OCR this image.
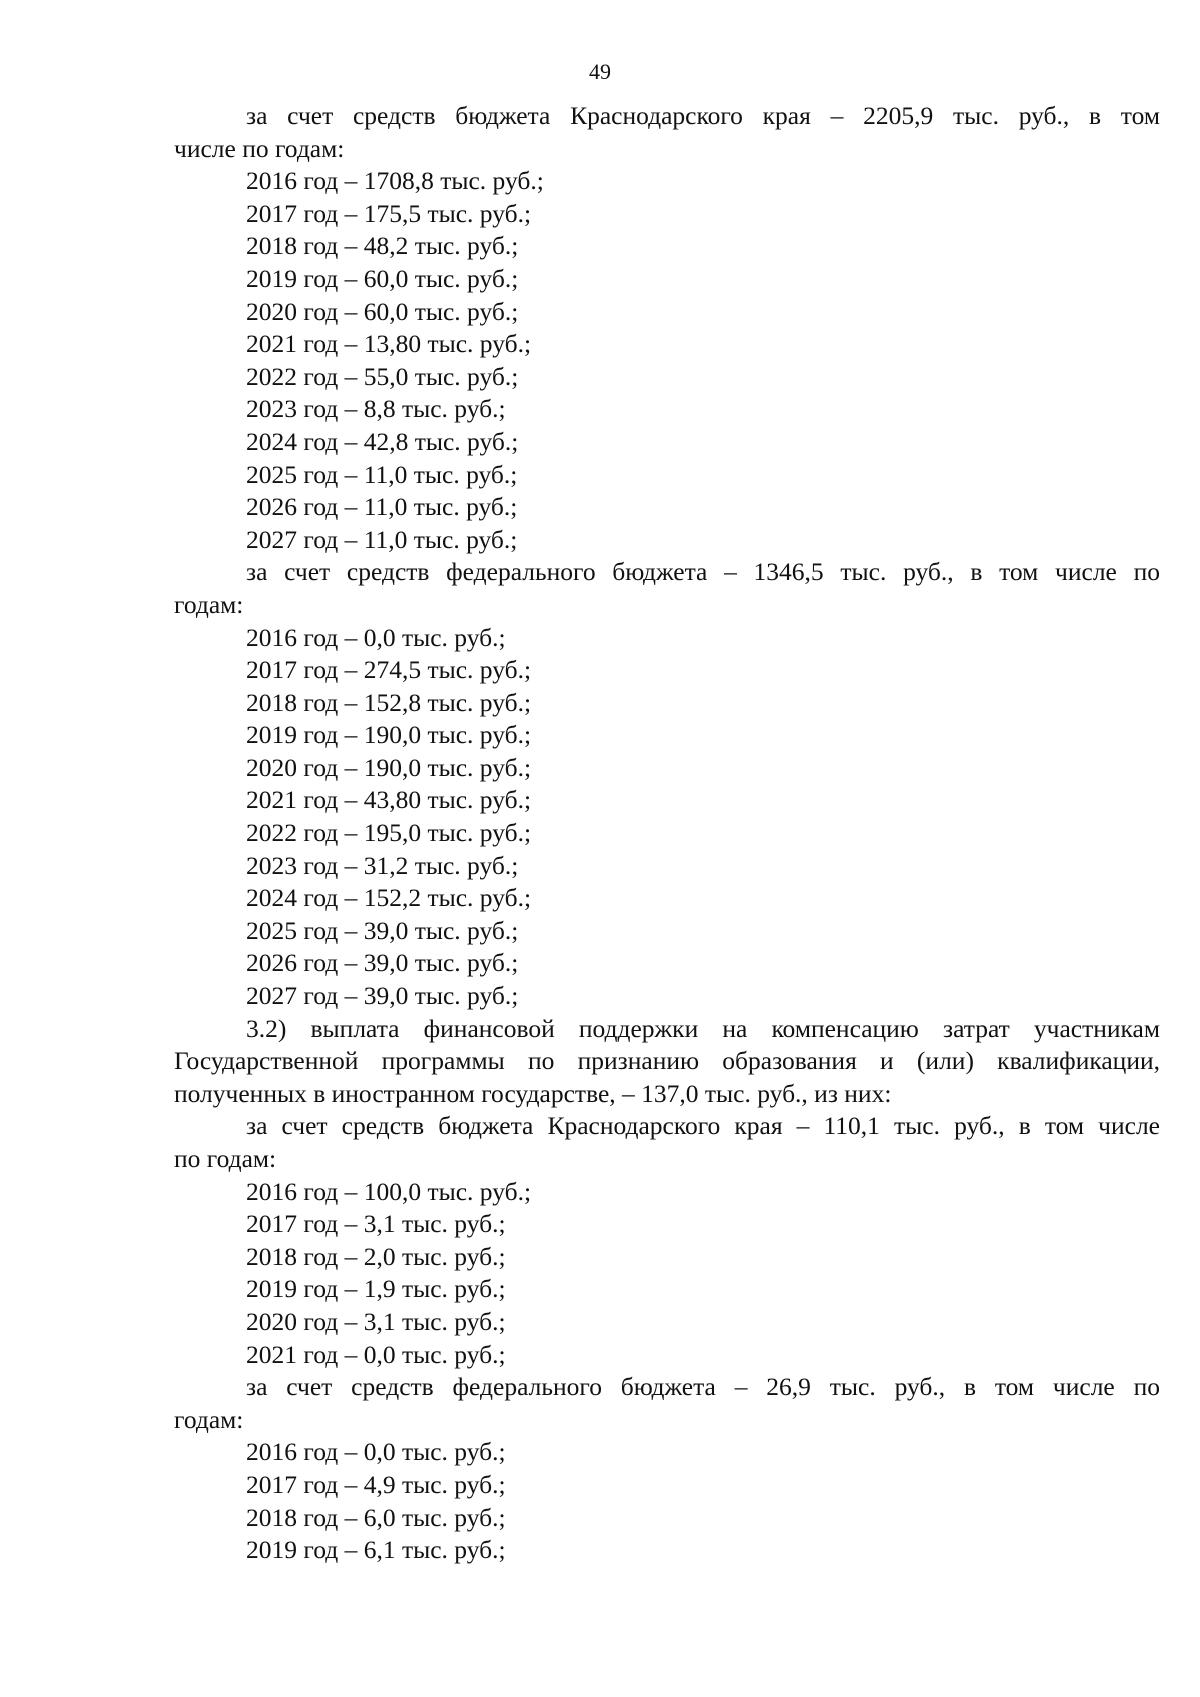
49

за счет средств бюджета Краснодарского края – 2205,9 тыс. руб., в том
числе по годам:

2016 год – 1708,8 тыс. руб.;

2017 год – 175,5 тыс. руб.;

2018 год – 48,2 тыс. руб.;

2019 год – 60,0 тыс. руб.;

2020 год – 60,0 тыс. руб.;

2021 год – 13,80 тыс. руб.;

2022 год – 55,0 тыс. руб.;

2023 год – 8,8 тыс. руб.;

2024 год – 42,8 тыс. руб.;

2025 год – 11,0 тыс. руб.;

2026 год – 11,0 тыс. руб.;

2027 год – 11,0 тыс. руб.;

за счет средств федерального бюджета – 1346,5 тыс. руб., в том числе по
годам:

2016 год – 0,0 тыс. руб.;

2017 год – 274,5 тыс. руб.;

2018 год – 152,8 тыс. руб.;

2019 год – 190,0 тыс. руб.;

2020 год – 190,0 тыс. руб.;

2021 год – 43,80 тыс. руб.;

2022 год – 195,0 тыс. руб.;

2023 год – 31,2 тыс. руб.;

2024 год – 152,2 тыс. руб.;

2025 год – 39,0 тыс. руб.;

2026 год – 39,0 тыс. руб.;

2027 год – 39,0 тыс. руб.;

3.2) выплата финансовой поддержки на компенсацию затрат участникам
Государственной программы по признанию образования и (или) квалификации,
полученных в иностранном государстве, – 137,0 тыс. руб., из них:

за счет средств бюджета Краснодарского края – 110,1 тыс. руб., в том числе
по годам:

2016 год – 100,0 тыс. руб.;

2017 год – 3,1 тыс. руб.;

2018 год – 2,0 тыс. руб.;

2019 год – 1,9 тыс. руб.;

2020 год – 3,1 тыс. руб.;

2021 год – 0,0 тыс. руб.;

за счет средств федерального бюджета – 26,9 тыс. руб., в том числе по
годам:

2016 год – 0,0 тыс. руб.;

2017 год – 4,9 тыс. руб.;

2018 год – 6,0 тыс. руб.;

2019 год – 6,1 тыс. руб.;
